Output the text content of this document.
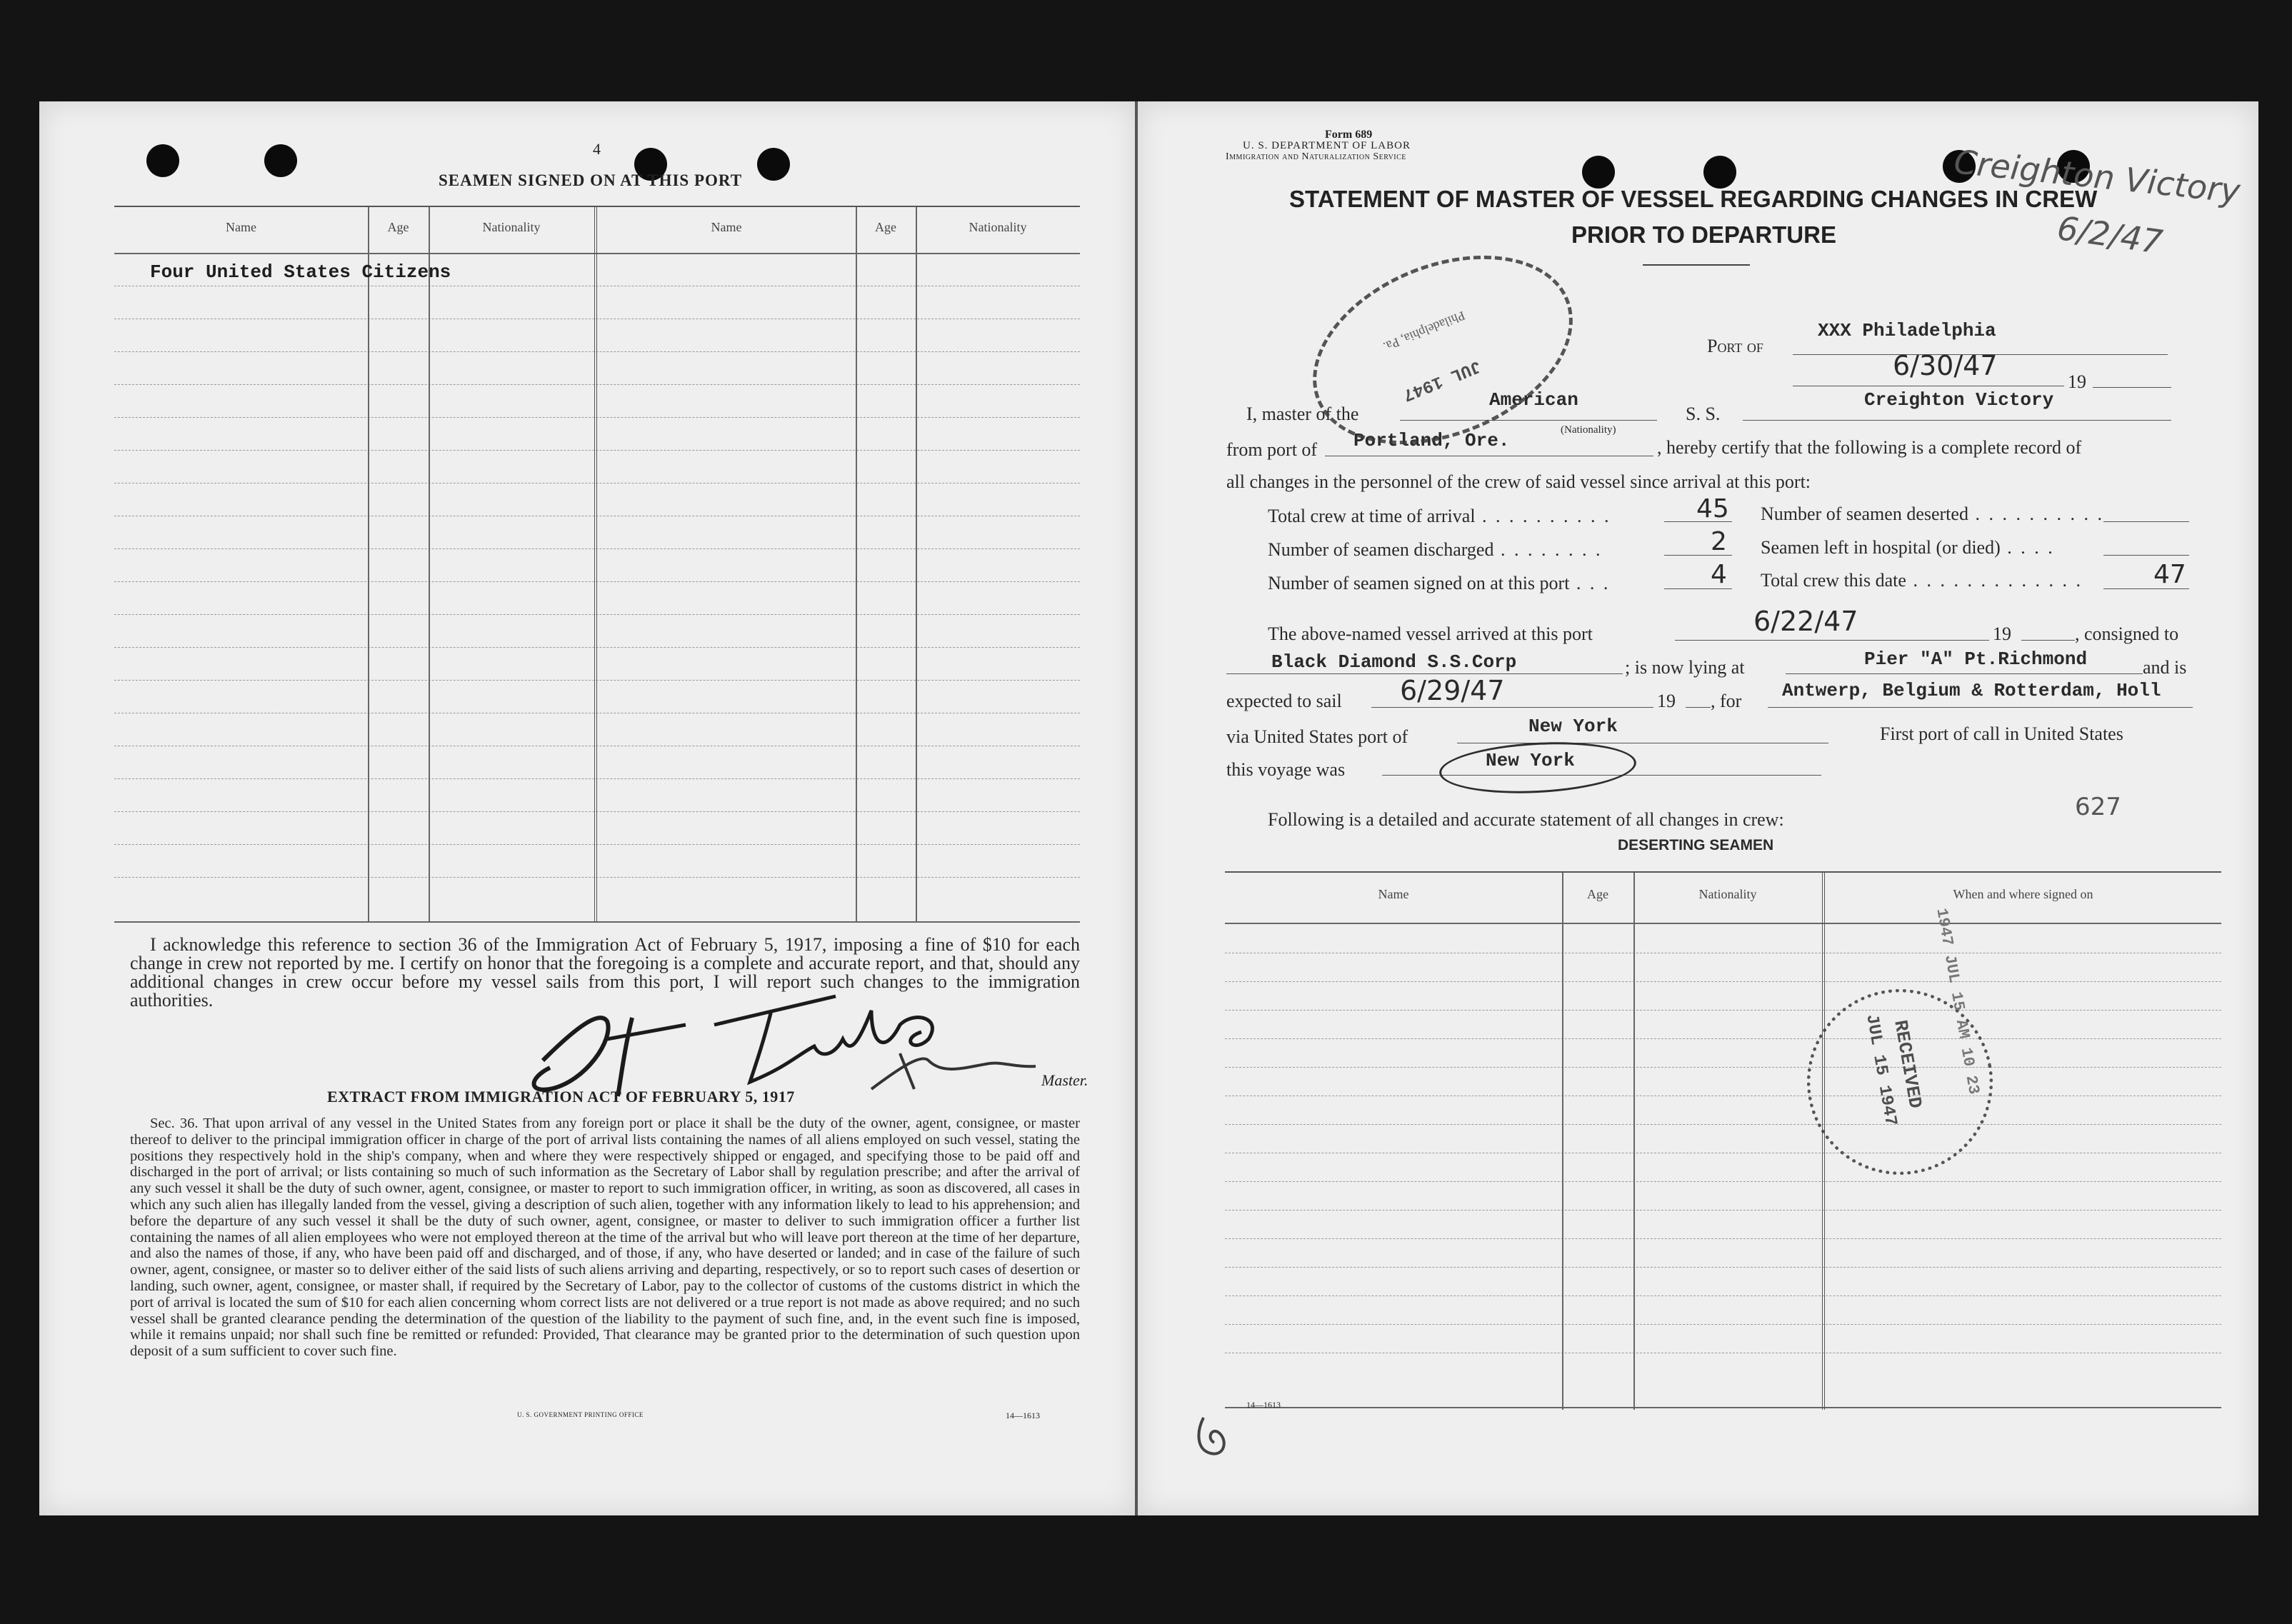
4
SEAMEN SIGNED ON AT THIS PORT
Name	Age	Nationality	Name	Age	Nationality
Four United States Citizens
I acknowledge this reference to section 36 of the Immigration Act of February 5, 1917, imposing a fine of $10 for each change in crew not reported by me. I certify on honor that the foregoing is a complete and accurate report, and that, should any additional changes in crew occur before my vessel sails from this port, I will report such changes to the immigration authorities.
Master.
EXTRACT FROM IMMIGRATION ACT OF FEBRUARY 5, 1917
Sec. 36. That upon arrival of any vessel in the United States from any foreign port or place it shall be the duty of the owner, agent, consignee, or master thereof to deliver to the principal immigration officer in charge of the port of arrival lists containing the names of all aliens employed on such vessel, stating the positions they respectively hold in the ship's company, when and where they were respectively shipped or engaged, and specifying those to be paid off and discharged in the port of arrival; or lists containing so much of such information as the Secretary of Labor shall by regulation prescribe; and after the arrival of any such vessel it shall be the duty of such owner, agent, consignee, or master to report to such immigration officer, in writing, as soon as discovered, all cases in which any such alien has illegally landed from the vessel, giving a description of such alien, together with any information likely to lead to his apprehension; and before the departure of any such vessel it shall be the duty of such owner, agent, consignee, or master to deliver to such immigration officer a further list containing the names of all alien employees who were not employed thereon at the time of the arrival but who will leave port thereon at the time of her departure, and also the names of those, if any, who have been paid off and discharged, and of those, if any, who have deserted or landed; and in case of the failure of such owner, agent, consignee, or master so to deliver either of the said lists of such aliens arriving and departing, respectively, or so to report such cases of desertion or landing, such owner, agent, consignee, or master shall, if required by the Secretary of Labor, pay to the collector of customs of the customs district in which the port of arrival is located the sum of $10 for each alien concerning whom correct lists are not delivered or a true report is not made as above required; and no such vessel shall be granted clearance pending the determination of the question of the liability to the payment of such fine, and, in the event such fine is imposed, while it remains unpaid; nor shall such fine be remitted or refunded: Provided, That clearance may be granted prior to the determination of such question upon deposit of a sum sufficient to cover such fine.
U. S. GOVERNMENT PRINTING OFFICE	14—1613
Form 689
U. S. DEPARTMENT OF LABOR
Immigration and Naturalization Service
STATEMENT OF MASTER OF VESSEL REGARDING CHANGES IN CREW
PRIOR TO DEPARTURE
Creighton Victory
6/2/47
Port of
XXX Philadelphia
6/30/47
19
I, master of the
American
S. S.
Creighton Victory
(Nationality)
from port of Portland, Ore.	, hereby certify that the following is a complete record of
all changes in the personnel of the crew of said vessel since arrival at this port:
Total crew at time of arrival . . . . . . . . . .	45 Number of seamen deserted . . . . . . . . . .
Number of seamen discharged . . . . . . . .	2 Seamen left in hospital (or died) . . . .
Number of seamen signed on at this port . . .	4 Total crew this date . . . . . . . . . . . . .	47
The above-named vessel arrived at this port	6/22/47	19	, consigned to
Black Diamond S.S.Corp	; is now lying at	Pier "A" Pt.Richmond	and is
expected to sail 6/29/47	19 , for Antwerp, Belgium & Rotterdam, Holl
via United States port of	New York	First port of call in United States
this voyage was	New York
627
Following is a detailed and accurate statement of all changes in crew:
DESERTING SEAMEN
Name	Age	Nationality	When and where signed on
14—1613
JUL 1947
Philadelphia, Pa.
RECEIVED
JUL 15 1947 1947 JUL 15 AM 10 23
